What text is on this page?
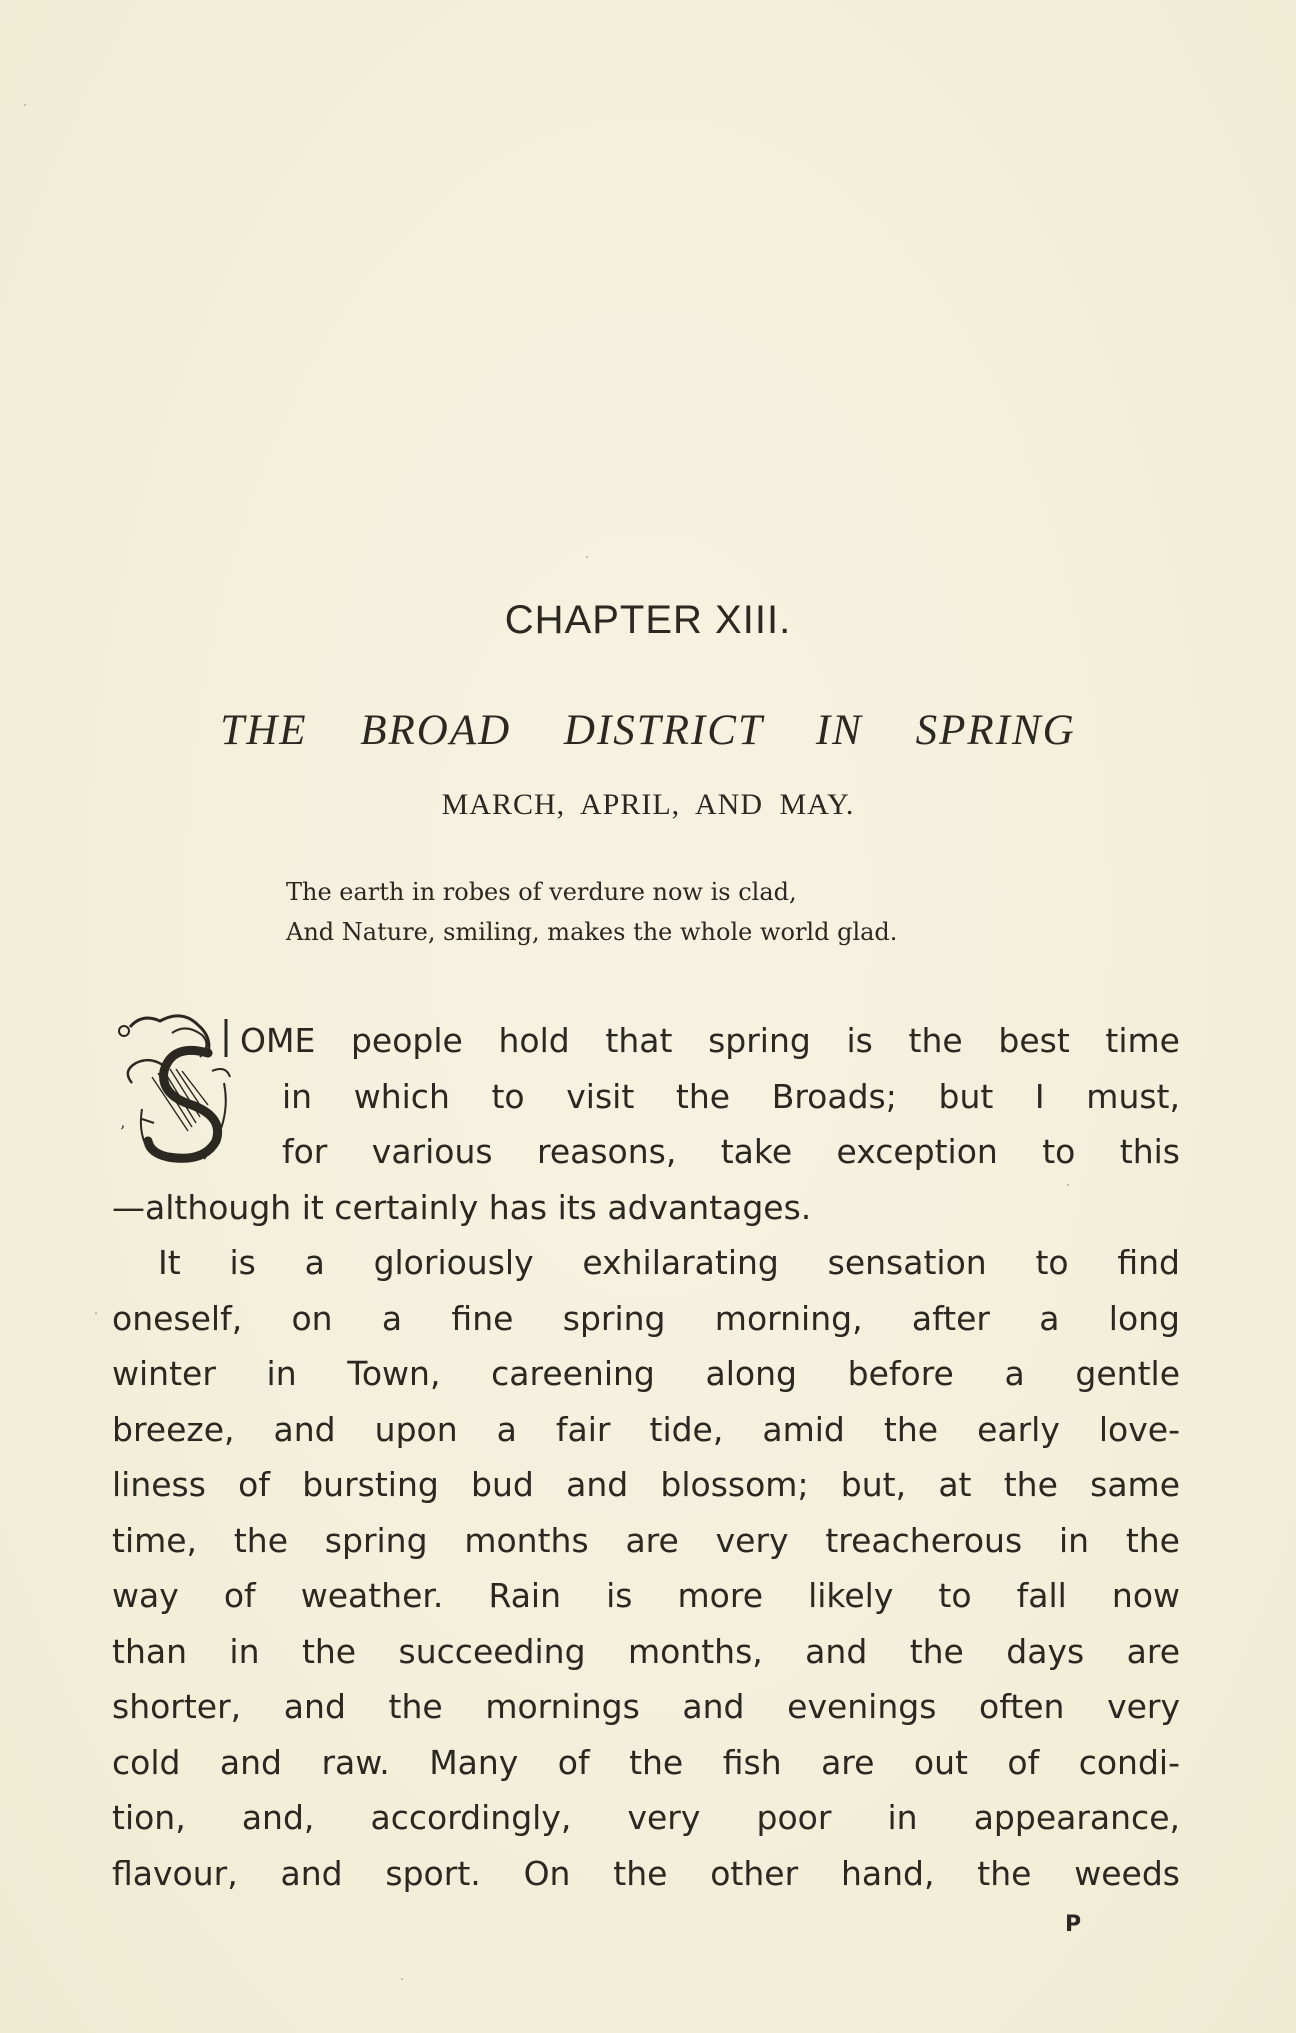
CHAPTER XIII.
THE BROAD DISTRICT IN SPRING
MARCH, APRIL, AND MAY.
The earth in robes of verdure now is clad,
And Nature, smiling, makes the whole world glad.
’
OME people hold that spring is the best time
in which to visit the Broads; but I must,
for various reasons, take exception to this
—although it certainly has its advantages.
It is a gloriously exhilarating sensation to find
oneself, on a fine spring morning, after a long
winter in Town, careening along before a gentle
breeze, and upon a fair tide, amid the early love-
liness of bursting bud and blossom; but, at the same
time, the spring months are very treacherous in the
way of weather. Rain is more likely to fall now
than in the succeeding months, and the days are
shorter, and the mornings and evenings often very
cold and raw. Many of the fish are out of condi-
tion, and, accordingly, very poor in appearance,
flavour, and sport. On the other hand, the weeds
P
